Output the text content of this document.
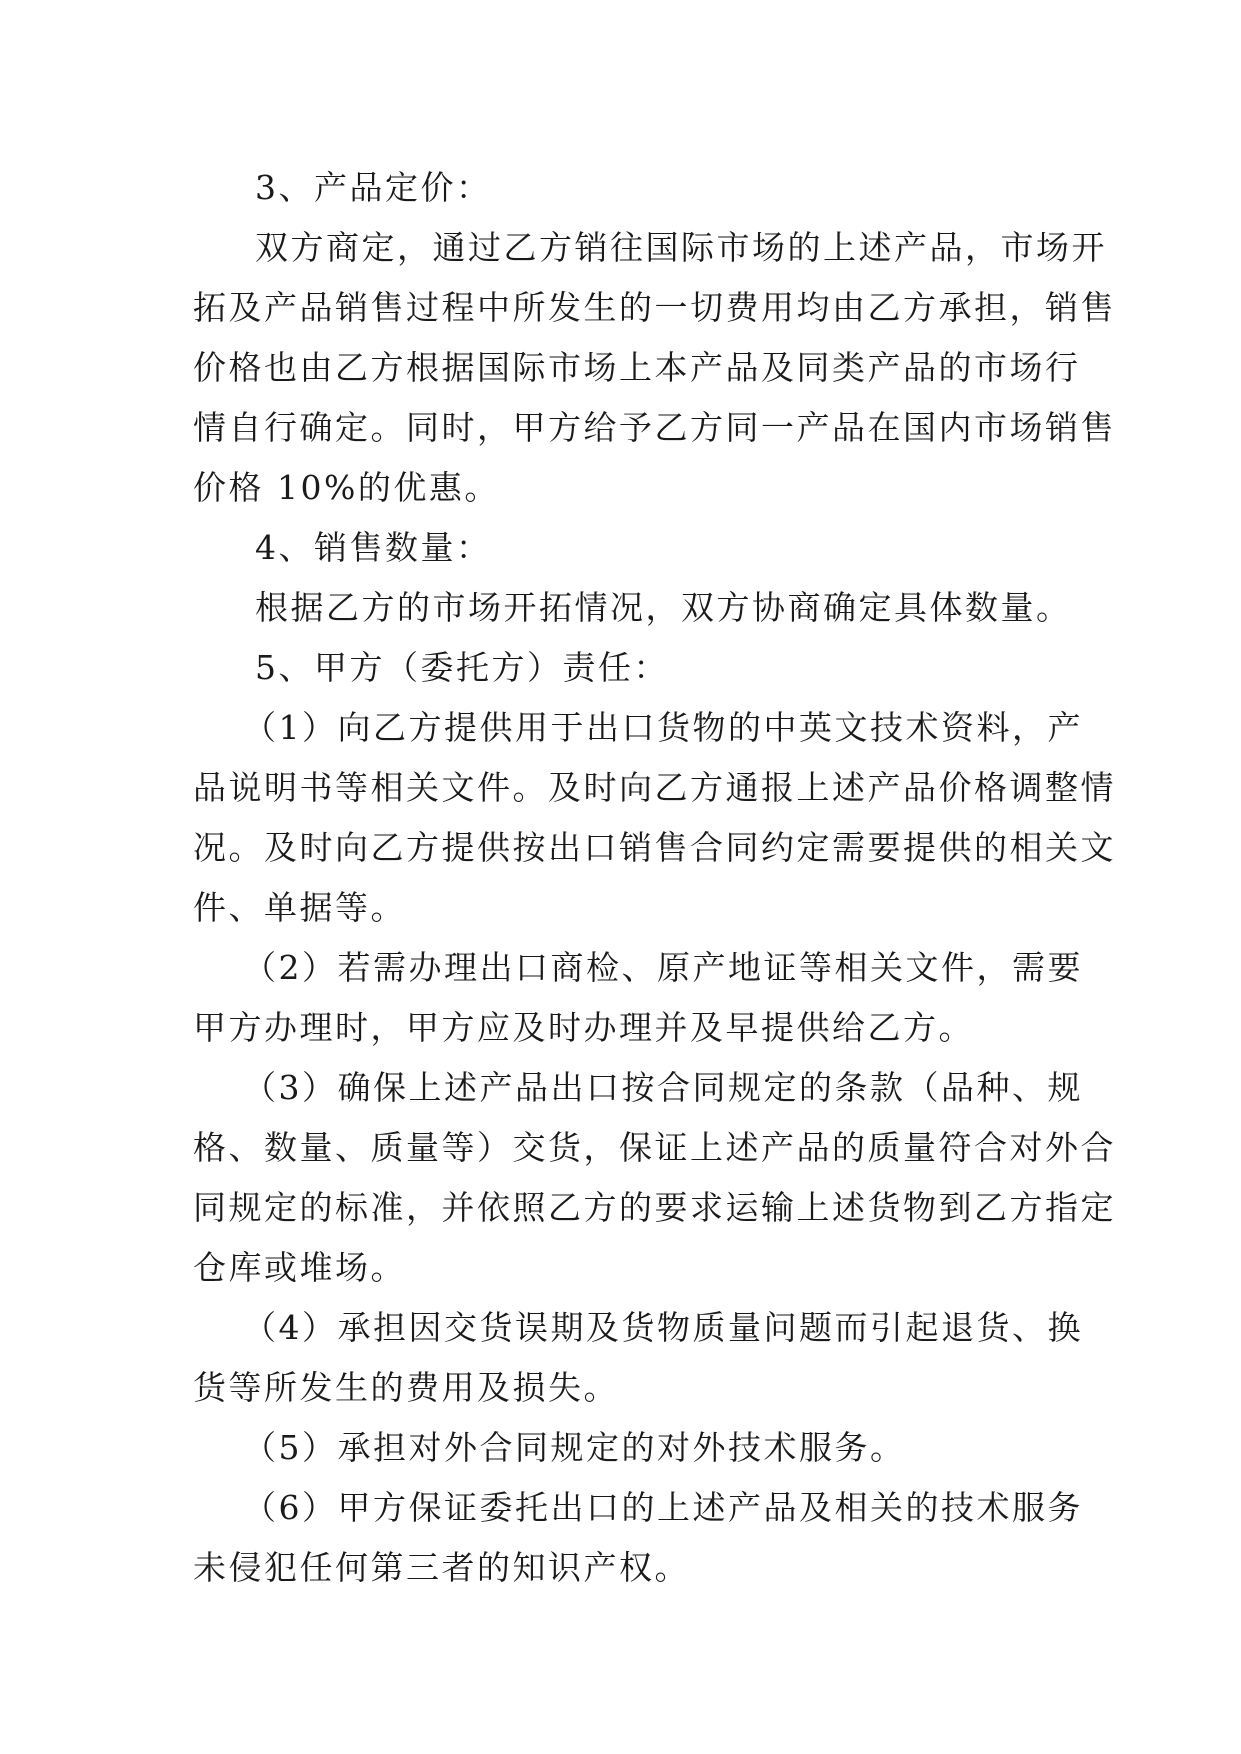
3、产品定价：
双方商定，通过乙方销往国际市场的上述产品，市场开
拓及产品销售过程中所发生的一切费用均由乙方承担，销售
价格也由乙方根据国际市场上本产品及同类产品的市场行
情自行确定。同时，甲方给予乙方同一产品在国内市场销售
价格 10%的优惠。
4、销售数量：
根据乙方的市场开拓情况，双方协商确定具体数量。
5、甲方（委托方）责任：
（1）向乙方提供用于出口货物的中英文技术资料，产
品说明书等相关文件。及时向乙方通报上述产品价格调整情
况。及时向乙方提供按出口销售合同约定需要提供的相关文
件、单据等。
（2）若需办理出口商检、原产地证等相关文件，需要
甲方办理时，甲方应及时办理并及早提供给乙方。
（3）确保上述产品出口按合同规定的条款（品种、规
格、数量、质量等）交货，保证上述产品的质量符合对外合
同规定的标准，并依照乙方的要求运输上述货物到乙方指定
仓库或堆场。
（4）承担因交货误期及货物质量问题而引起退货、换
货等所发生的费用及损失。
（5）承担对外合同规定的对外技术服务。
（6）甲方保证委托出口的上述产品及相关的技术服务
未侵犯任何第三者的知识产权。
